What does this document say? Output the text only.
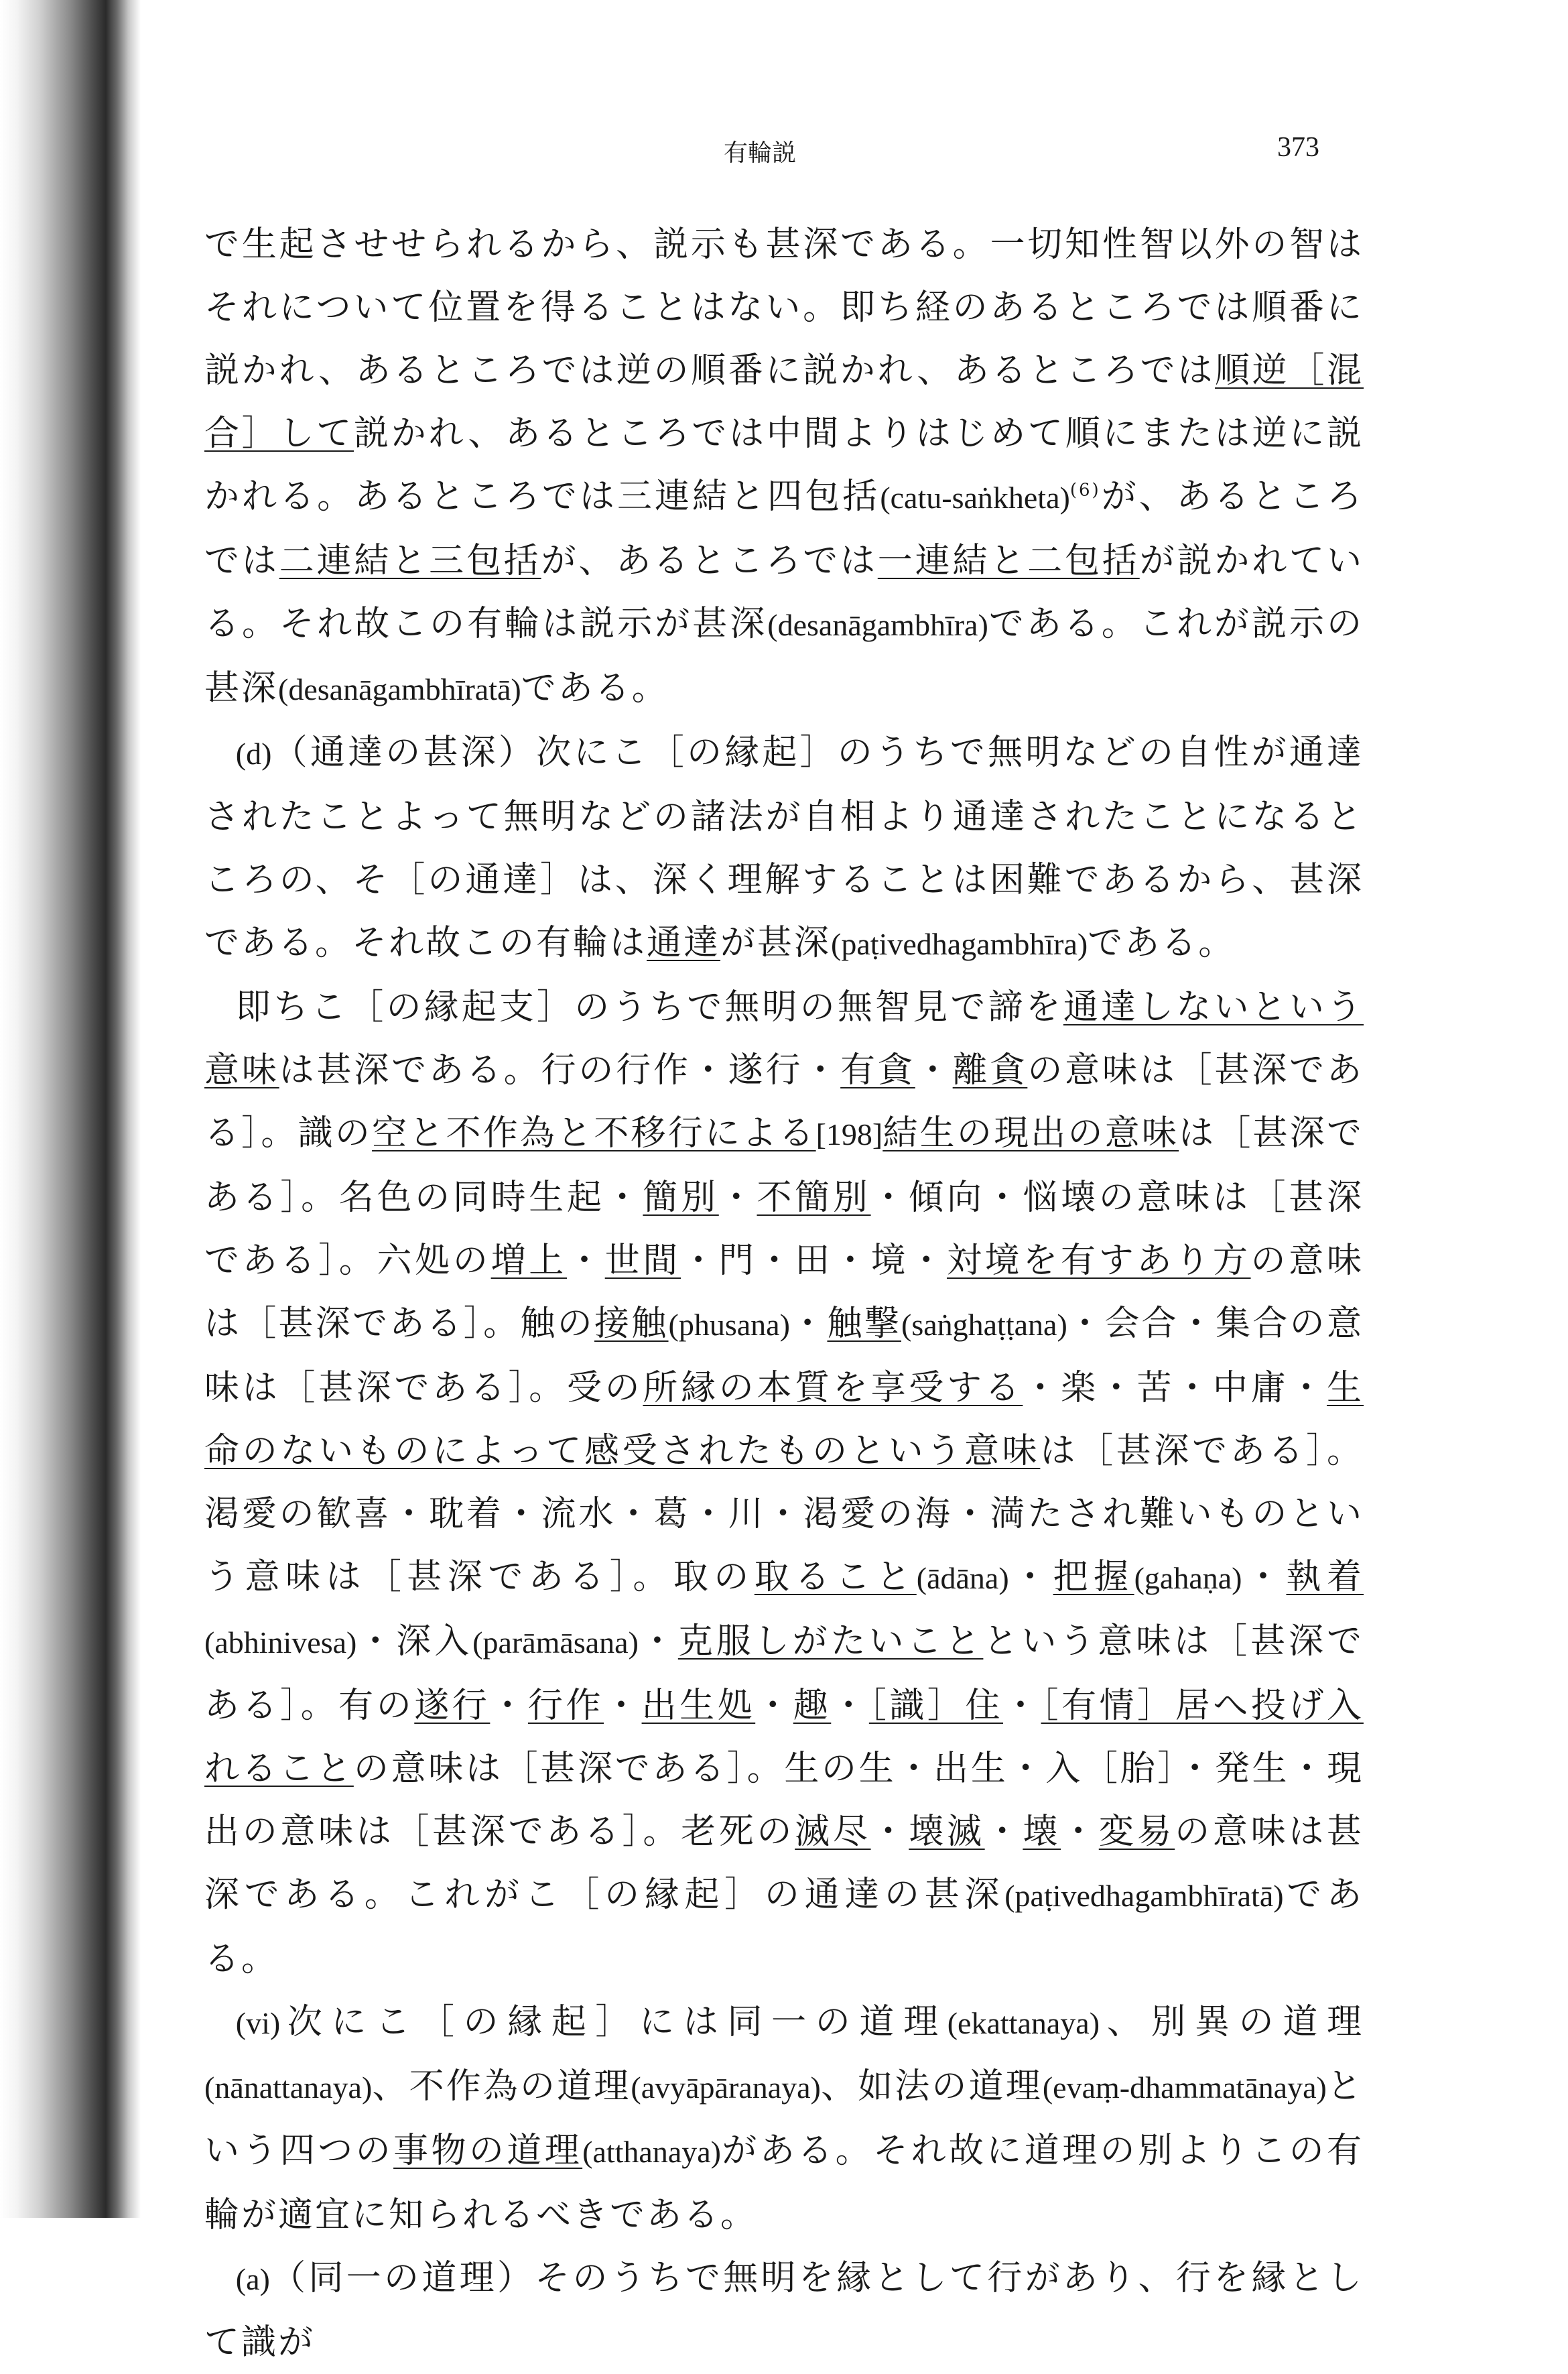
有輪説	373

で生起させせられるから、説示も甚深である。一切知性智以外の智はそれについて位置を得ることはない。即ち経のあるところでは順番に説かれ、あるところでは逆の順番に説かれ、あるところでは順逆［混合］して説かれ、あるところでは中間よりはじめて順にまたは逆に説かれる。あるところでは三連結と四包括(catu-saṅkheta)$^{(6)}$が、あるところでは二連結と三包括が、あるところでは一連結と二包括が説かれている。それ故この有輪は説示が甚深(desanāgambhīra)である。これが説示の甚深(desanāgambhīratā)である。

(d)（通達の甚深）次にこ［の縁起］のうちで無明などの自性が通達されたことよって無明などの諸法が自相より通達されたことになるところの、そ［の通達］は、深く理解することは困難であるから、甚深である。それ故この有輪は通達が甚深(paṭivedhagambhīra)である。

即ちこ［の縁起支］のうちで無明の無智見で諦を通達しないという意味は甚深である。行の行作・遂行・有貪・離貪の意味は［甚深である］。識の空と不作為と不移行による[198]結生の現出の意味は［甚深である］。名色の同時生起・簡別・不簡別・傾向・悩壊の意味は［甚深である］。六処の増上・世間・門・田・境・対境を有すあり方の意味は［甚深である］。触の接触(phusana)・触撃(saṅghaṭṭana)・会合・集合の意味は［甚深である］。受の所縁の本質を享受する・楽・苦・中庸・生命のないものによって感受されたものという意味は［甚深である］。渇愛の歓喜・耽着・流水・葛・川・渇愛の海・満たされ難いものという意味は［甚深である］。取の取ること(ādāna)・把握(gahaṇa)・執着(abhinivesa)・深入(parāmāsana)・克服しがたいことという意味は［甚深である］。有の遂行・行作・出生処・趣・［識］住・［有情］居へ投げ入れることの意味は［甚深である］。生の生・出生・入［胎］・発生・現出の意味は［甚深である］。老死の滅尽・壊滅・壊・変易の意味は甚深である。これがこ［の縁起］の通達の甚深(paṭivedhagambhīratā)である。

(vi)次にこ［の縁起］には同一の道理(ekattanaya)、別異の道理(nānattanaya)、不作為の道理(avyāpāranaya)、如法の道理(evaṃ-dhammatānaya)という四つの事物の道理(atthanaya)がある。それ故に道理の別よりこの有輪が適宜に知られるべきである。

(a)（同一の道理）そのうちで無明を縁として行があり、行を縁として識が
